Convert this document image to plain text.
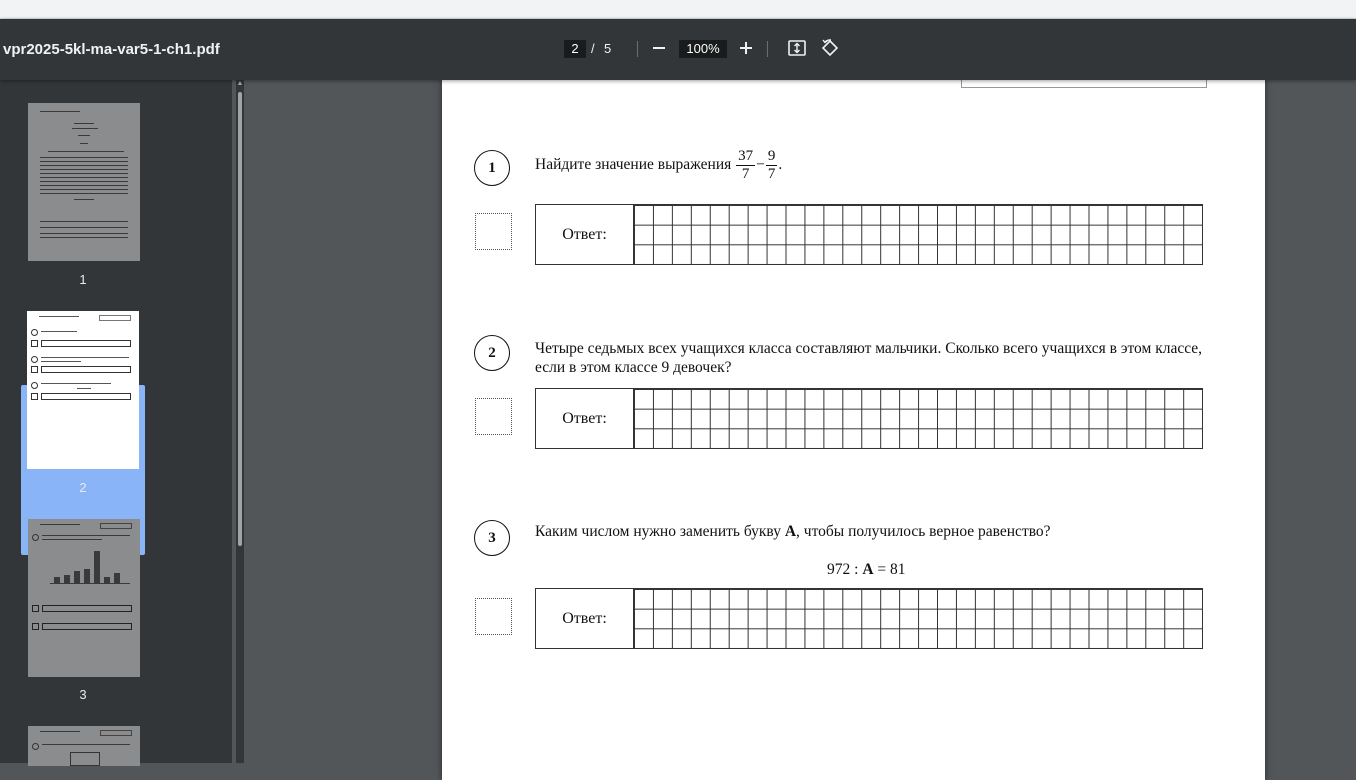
vpr2025-5kl-ma-var5-1-ch1.pdf	2 / 5	100%
1
2
3
▲
1	Найдите значение выражения $\frac{37}{7} - \frac{9}{7}$ .
Ответ:
2	Четыре седьмых всех учащихся класса составляют мальчики. Сколько всего учащихся в этом классе, если в этом классе 9 девочек?
Ответ:
3	Каким числом нужно заменить букву А, чтобы получилось верное равенство?
972 : А = 81
Ответ:
